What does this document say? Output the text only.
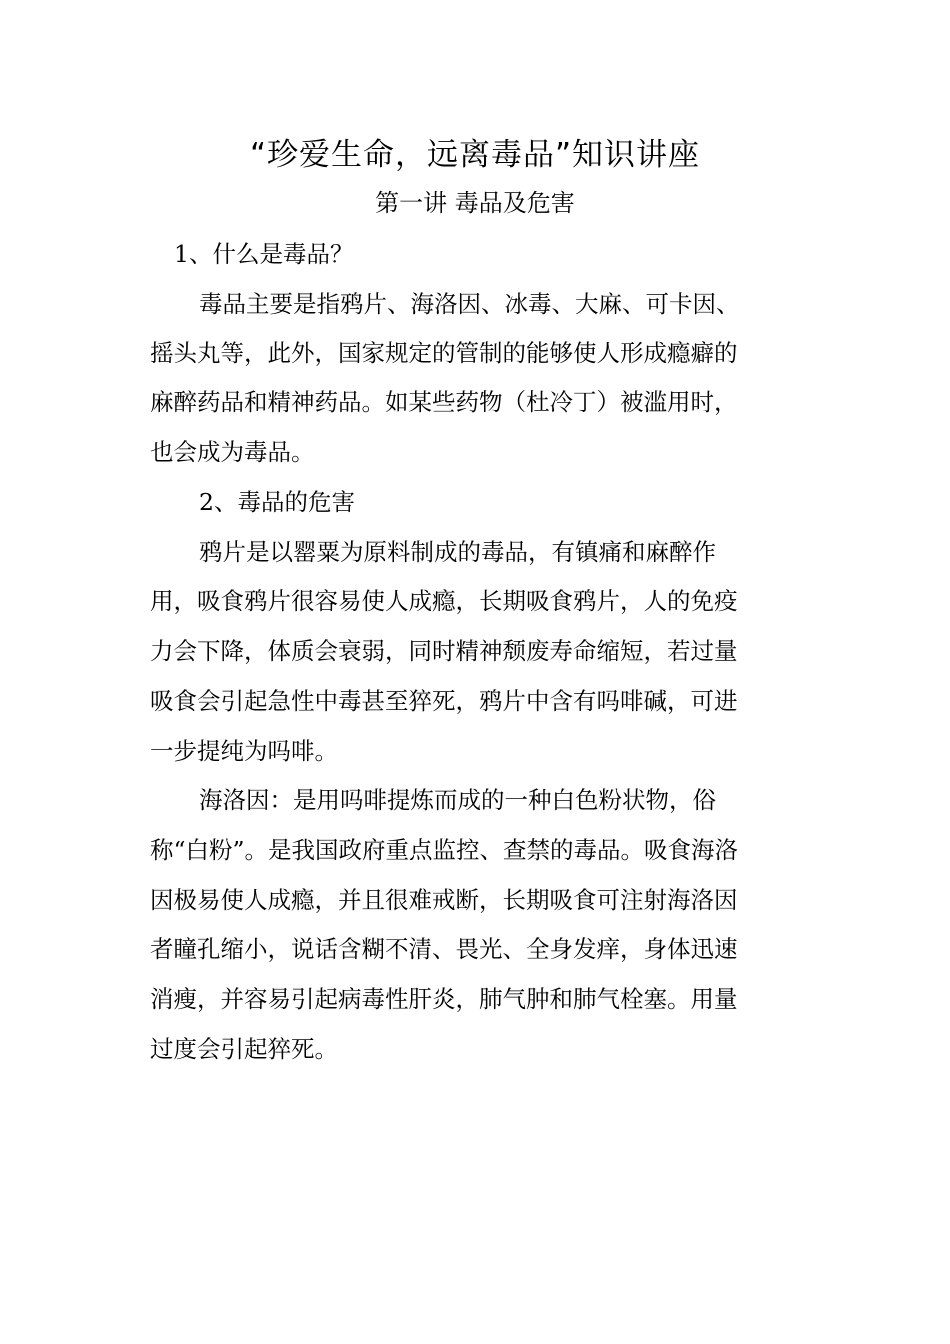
“珍爱生命，远离毒品”知识讲座
第一讲 毒品及危害
1、什么是毒品？
毒品主要是指鸦片、海洛因、冰毒、大麻、可卡因、
摇头丸等，此外，国家规定的管制的能够使人形成瘾癖的
麻醉药品和精神药品。如某些药物（杜冷丁）被滥用时，
也会成为毒品。
2、毒品的危害
鸦片是以罂粟为原料制成的毒品，有镇痛和麻醉作
用，吸食鸦片很容易使人成瘾，长期吸食鸦片，人的免疫
力会下降，体质会衰弱，同时精神颓废寿命缩短，若过量
吸食会引起急性中毒甚至猝死，鸦片中含有吗啡碱，可进
一步提纯为吗啡。
海洛因：是用吗啡提炼而成的一种白色粉状物，俗
称“白粉”。是我国政府重点监控、查禁的毒品。吸食海洛
因极易使人成瘾，并且很难戒断，长期吸食可注射海洛因
者瞳孔缩小，说话含糊不清、畏光、全身发痒，身体迅速
消瘦，并容易引起病毒性肝炎，肺气肿和肺气栓塞。用量
过度会引起猝死。
